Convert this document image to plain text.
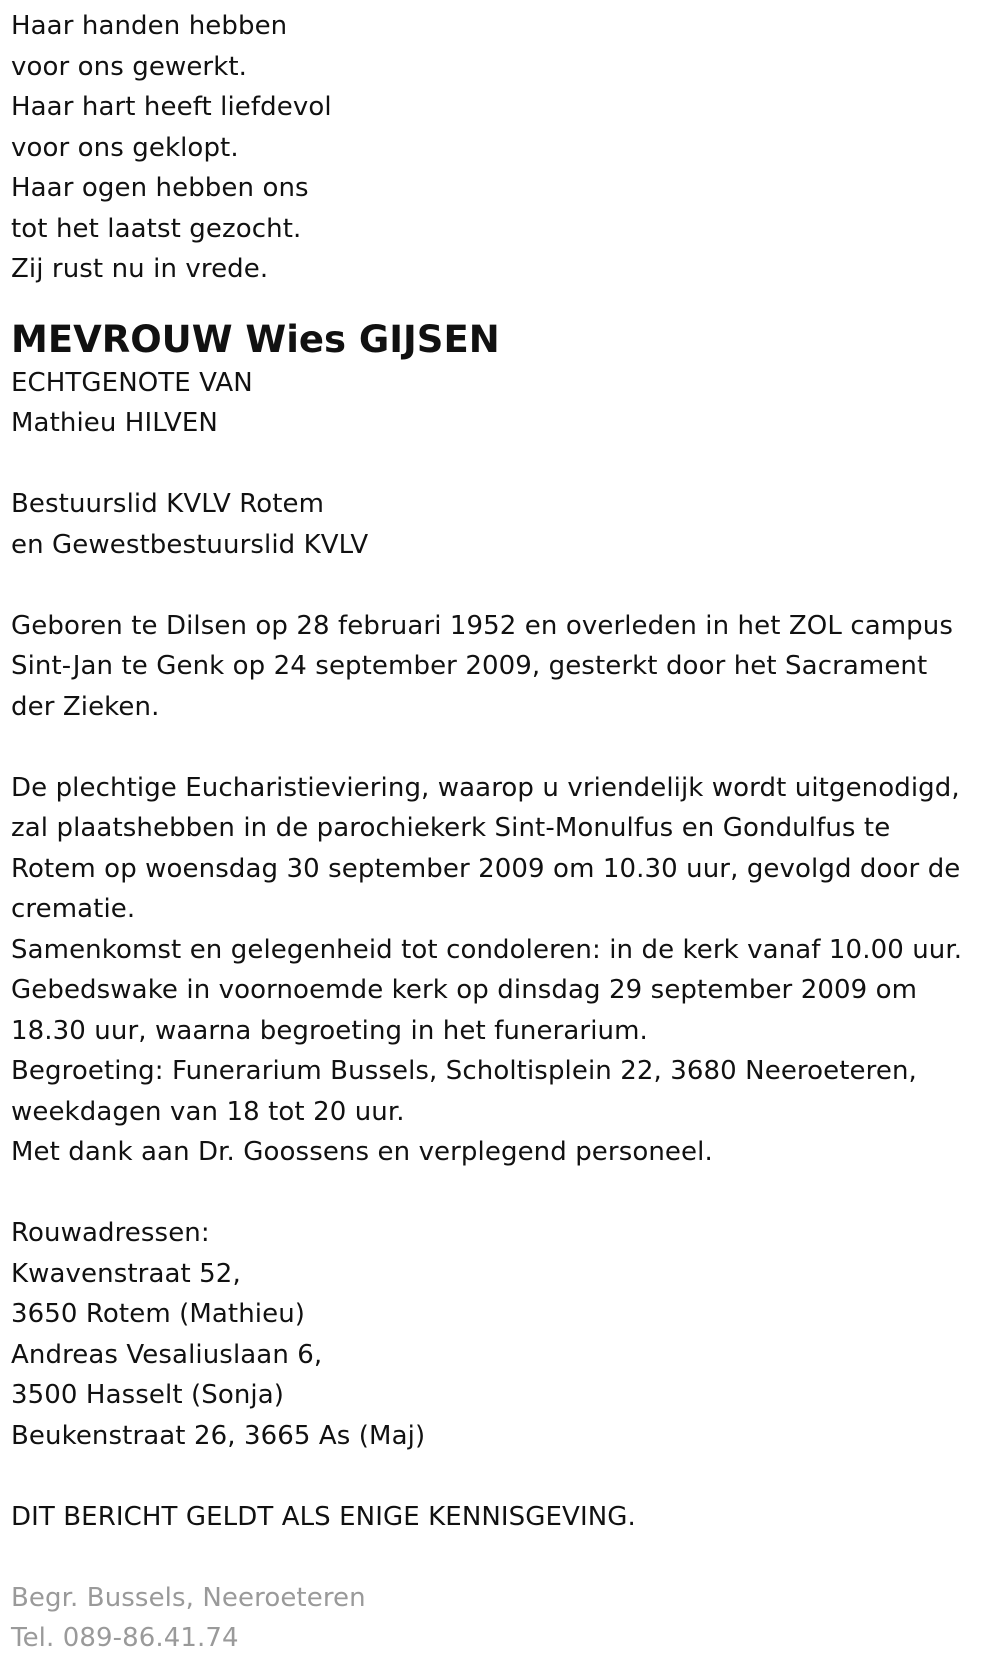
Haar handen hebben
voor ons gewerkt.
Haar hart heeft liefdevol
voor ons geklopt.
Haar ogen hebben ons
tot het laatst gezocht.
Zij rust nu in vrede.
MEVROUW Wies GIJSEN
ECHTGENOTE VAN
Mathieu HILVEN
Bestuurslid KVLV Rotem
en Gewestbestuurslid KVLV
Geboren te Dilsen op 28 februari 1952 en overleden in het ZOL campus
Sint-Jan te Genk op 24 september 2009, gesterkt door het Sacrament
der Zieken.
De plechtige Eucharistieviering, waarop u vriendelijk wordt uitgenodigd,
zal plaatshebben in de parochiekerk Sint-Monulfus en Gondulfus te
Rotem op woensdag 30 september 2009 om 10.30 uur, gevolgd door de
crematie.
Samenkomst en gelegenheid tot condoleren: in de kerk vanaf 10.00 uur.
Gebedswake in voornoemde kerk op dinsdag 29 september 2009 om
18.30 uur, waarna begroeting in het funerarium.
Begroeting: Funerarium Bussels, Scholtisplein 22, 3680 Neeroeteren,
weekdagen van 18 tot 20 uur.
Met dank aan Dr. Goossens en verplegend personeel.
Rouwadressen:
Kwavenstraat 52,
3650 Rotem (Mathieu)
Andreas Vesaliuslaan 6,
3500 Hasselt (Sonja)
Beukenstraat 26, 3665 As (Maj)
DIT BERICHT GELDT ALS ENIGE KENNISGEVING.
Begr. Bussels, Neeroeteren
Tel. 089-86.41.74
